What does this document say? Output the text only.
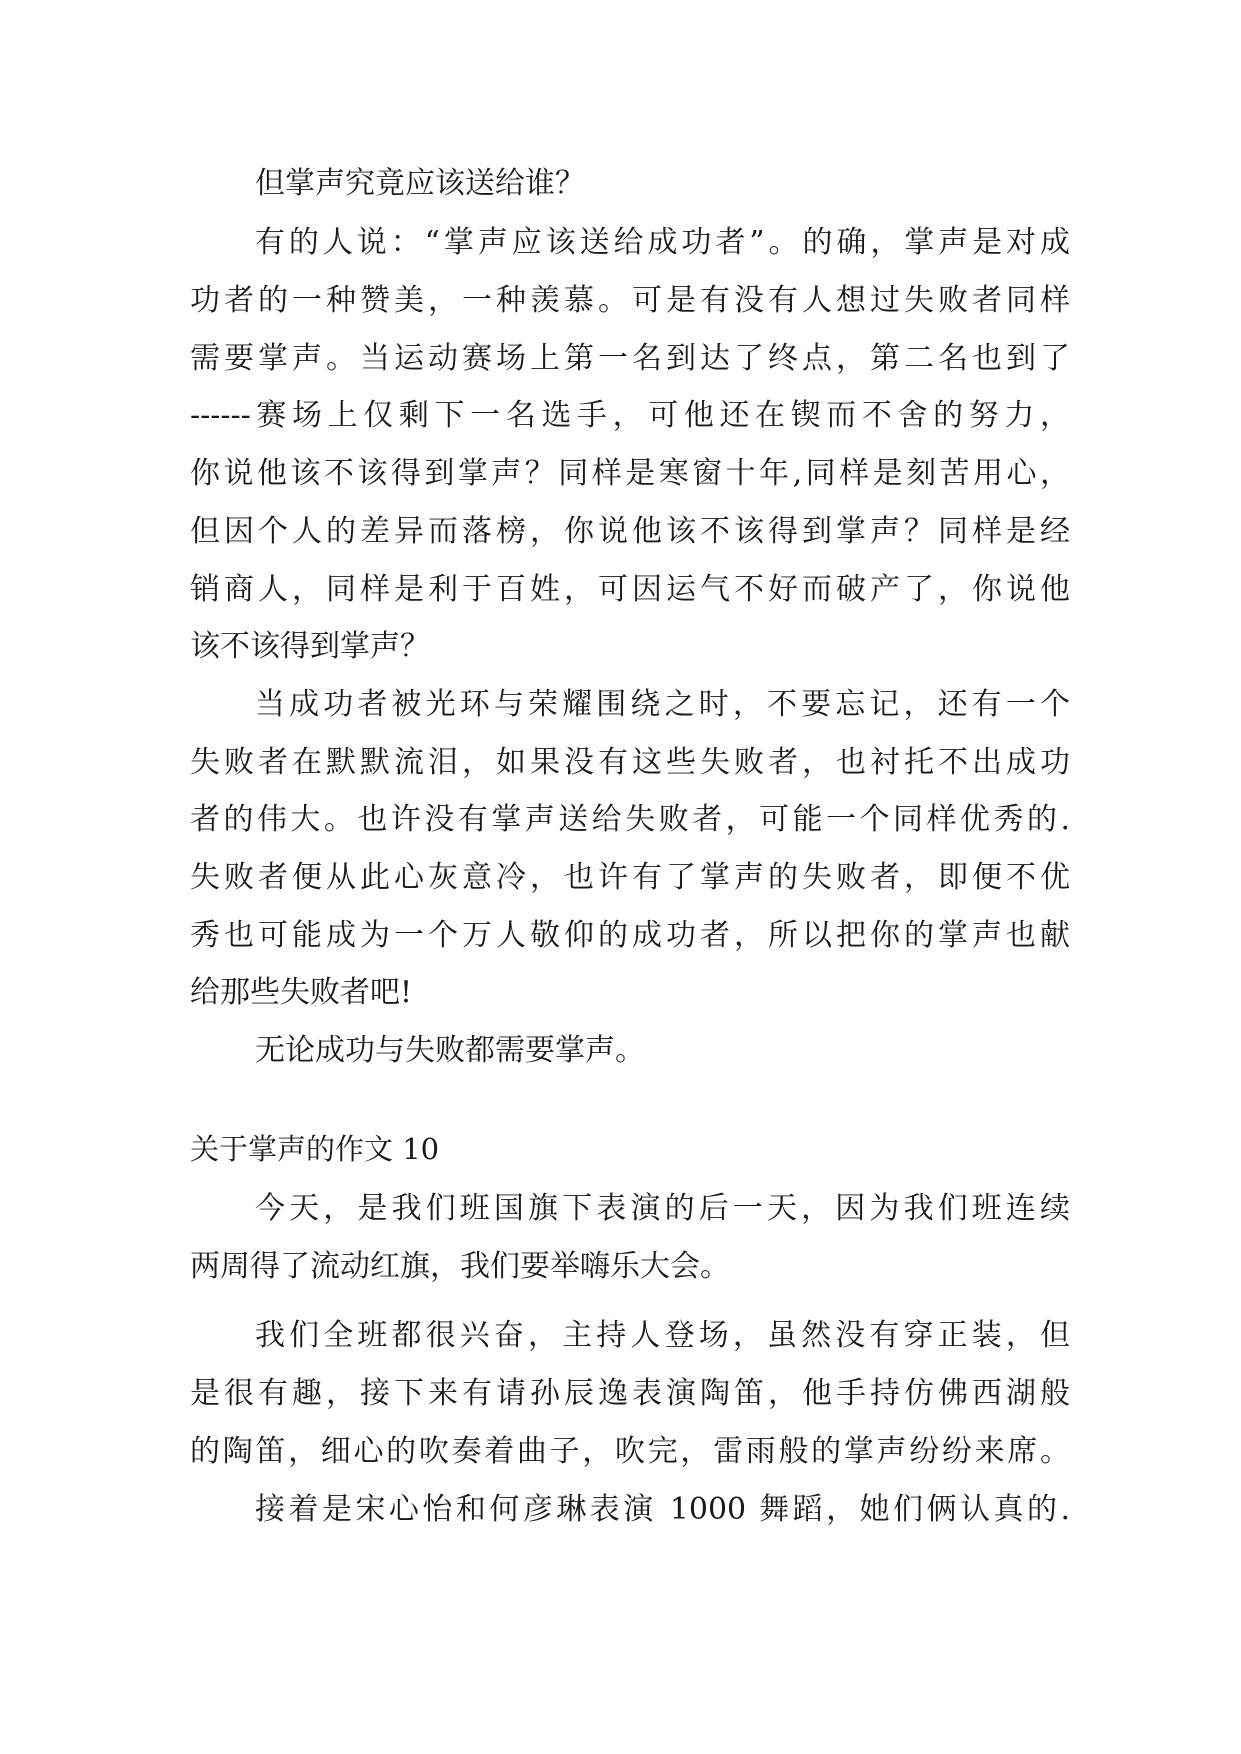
但掌声究竟应该送给谁？
有的人说：“掌声应该送给成功者”。的确，掌声是对成
功者的一种赞美，一种羡慕。可是有没有人想过失败者同样
需要掌声。当运动赛场上第一名到达了终点，第二名也到了
------赛场上仅剩下一名选手，可他还在锲而不舍的努力，
你说他该不该得到掌声？同样是寒窗十年,同样是刻苦用心，
但因个人的差异而落榜，你说他该不该得到掌声？同样是经
销商人，同样是利于百姓，可因运气不好而破产了，你说他
该不该得到掌声？
当成功者被光环与荣耀围绕之时，不要忘记，还有一个
失败者在默默流泪，如果没有这些失败者，也衬托不出成功
者的伟大。也许没有掌声送给失败者，可能一个同样优秀的.
失败者便从此心灰意冷，也许有了掌声的失败者，即便不优
秀也可能成为一个万人敬仰的成功者，所以把你的掌声也献
给那些失败者吧!
无论成功与失败都需要掌声。
关于掌声的作文 10
今天，是我们班国旗下表演的后一天，因为我们班连续
两周得了流动红旗，我们要举嗨乐大会。
我们全班都很兴奋，主持人登场，虽然没有穿正装，但
是很有趣，接下来有请孙辰逸表演陶笛，他手持仿佛西湖般
的陶笛，细心的吹奏着曲子，吹完，雷雨般的掌声纷纷来席。
接着是宋心怡和何彦琳表演 1000 舞蹈，她们俩认真的.
